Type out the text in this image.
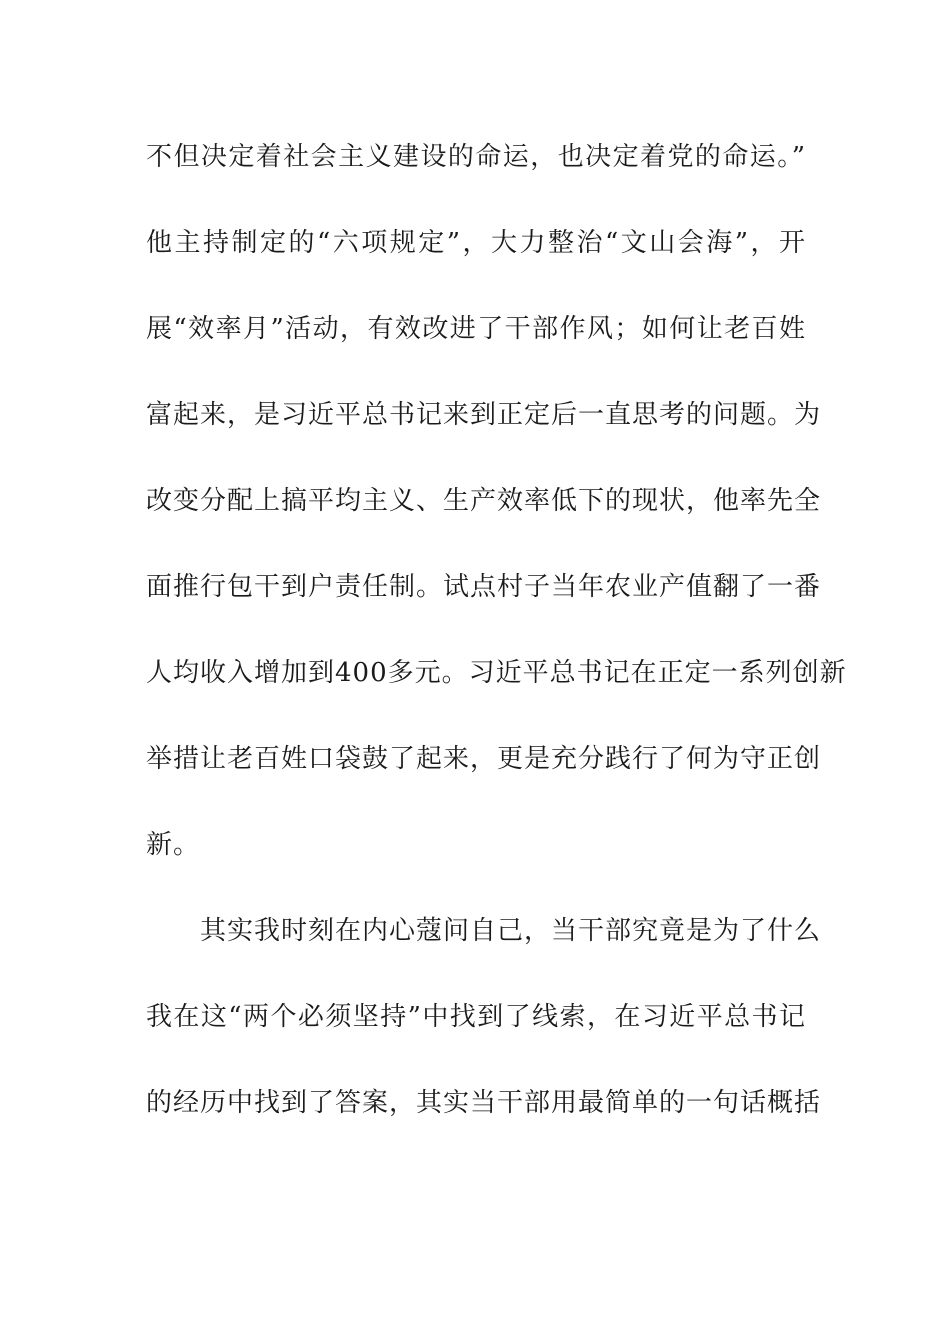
不但决定着社会主义建设的命运，也决定着党的命运。”
他主持制定的“六项规定”，大力整治“文山会海”，开
展“效率月”活动，有效改进了干部作风；如何让老百姓
富起来，是习近平总书记来到正定后一直思考的问题。为
改变分配上搞平均主义、生产效率低下的现状，他率先全
面推行包干到户责任制。试点村子当年农业产值翻了一番
人均收入增加到400多元。习近平总书记在正定一系列创新
举措让老百姓口袋鼓了起来，更是充分践行了何为守正创
新。
其实我时刻在内心蔻问自己，当干部究竟是为了什么
我在这“两个必须坚持”中找到了线索，在习近平总书记
的经历中找到了答案，其实当干部用最简单的一句话概括
